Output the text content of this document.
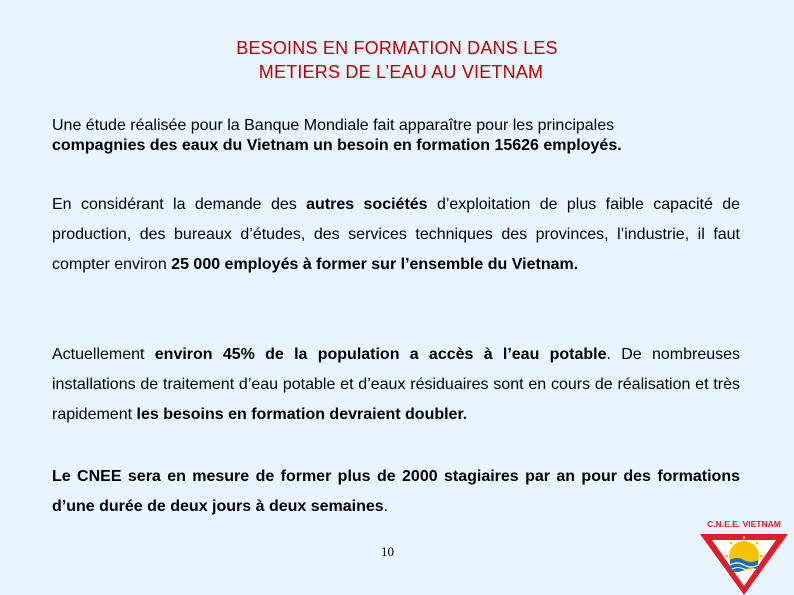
BESOINS EN FORMATION DANS LES
METIERS DE L’EAU AU VIETNAM
Une étude réalisée pour la Banque Mondiale fait apparaître pour les principales
compagnies des eaux du Vietnam un besoin en formation 15626 employés.
En considérant la demande des autres sociétés d’exploitation de plus faible capacité de production, des bureaux d’études, des services techniques des provinces, l’industrie, il faut compter environ 25 000 employés à former sur l’ensemble du Vietnam.
Actuellement environ 45% de la population a accès à l’eau potable. De nombreuses installations de traitement d’eau potable et d’eaux résiduaires sont en cours de réalisation et très rapidement les besoins en formation devraient doubler.
Le CNEE sera en mesure de former plus de 2000 stagiaires par an pour des formations d’une durée de deux jours à deux semaines.
10
C.N.E.E. VIETNAM
